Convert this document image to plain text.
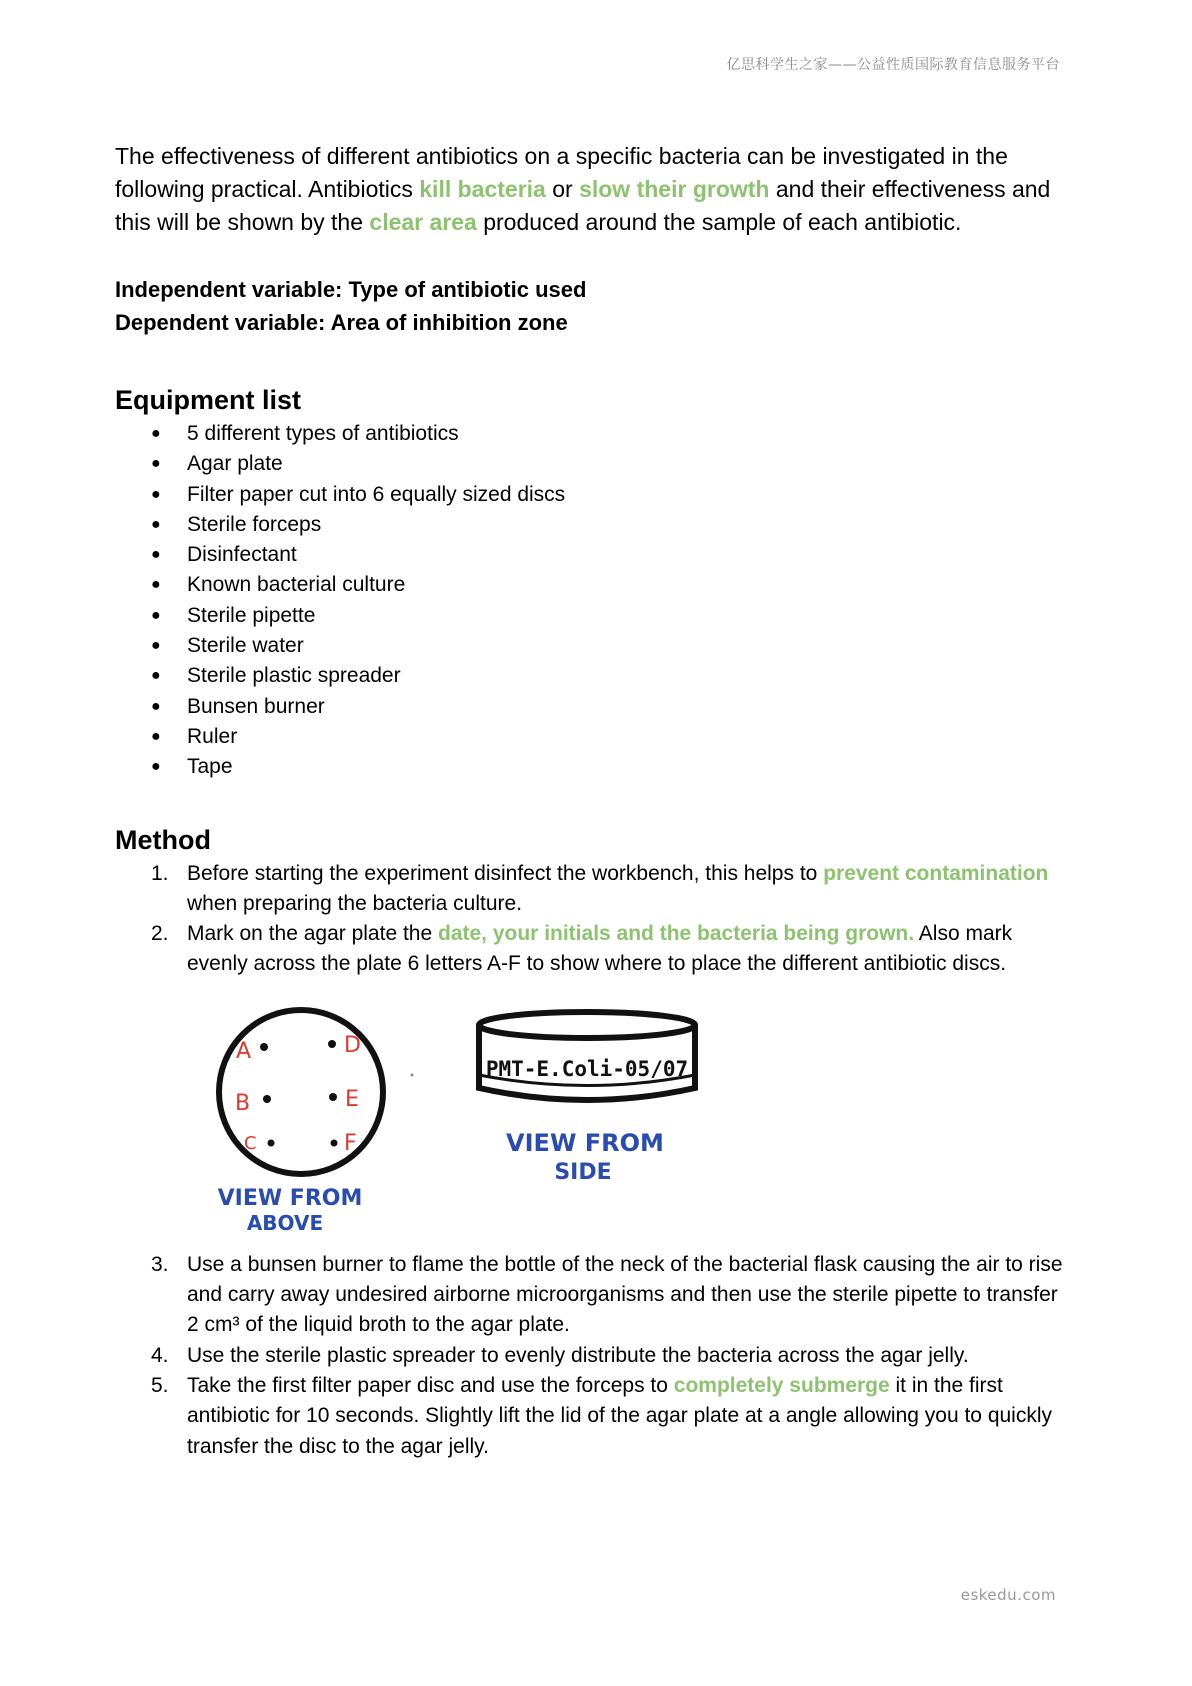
亿思科学生之家——公益性质国际教育信息服务平台

The effectiveness of different antibiotics on a specific bacteria can be investigated in the following practical. Antibiotics kill bacteria or slow their growth and their effectiveness and this will be shown by the clear area produced around the sample of each antibiotic.

Independent variable: Type of antibiotic used
Dependent variable: Area of inhibition zone
Equipment list
● 5 different types of antibiotics
● Agar plate
● Filter paper cut into 6 equally sized discs
● Sterile forceps
● Disinfectant
● Known bacterial culture
● Sterile pipette
● Sterile water
● Sterile plastic spreader
● Bunsen burner
● Ruler
● Tape
Method
1. Before starting the experiment disinfect the workbench, this helps to prevent contamination when preparing the bacteria culture.
2. Mark on the agar plate the date, your initials and the bacteria being grown. Also mark evenly across the plate 6 letters A-F to show where to place the different antibiotic discs.
A
B
C
D
E
F
VIEW FROM
ABOVE
PMT-E.Coli-05/07
VIEW FROM
SIDE
3. Use a bunsen burner to flame the bottle of the neck of the bacterial flask causing the air to rise and carry away undesired airborne microorganisms and then use the sterile pipette to transfer 2 cm³ of the liquid broth to the agar plate.
4. Use the sterile plastic spreader to evenly distribute the bacteria across the agar jelly.
5. Take the first filter paper disc and use the forceps to completely submerge it in the first antibiotic for 10 seconds. Slightly lift the lid of the agar plate at a angle allowing you to quickly transfer the disc to the agar jelly.
eskedu.com
